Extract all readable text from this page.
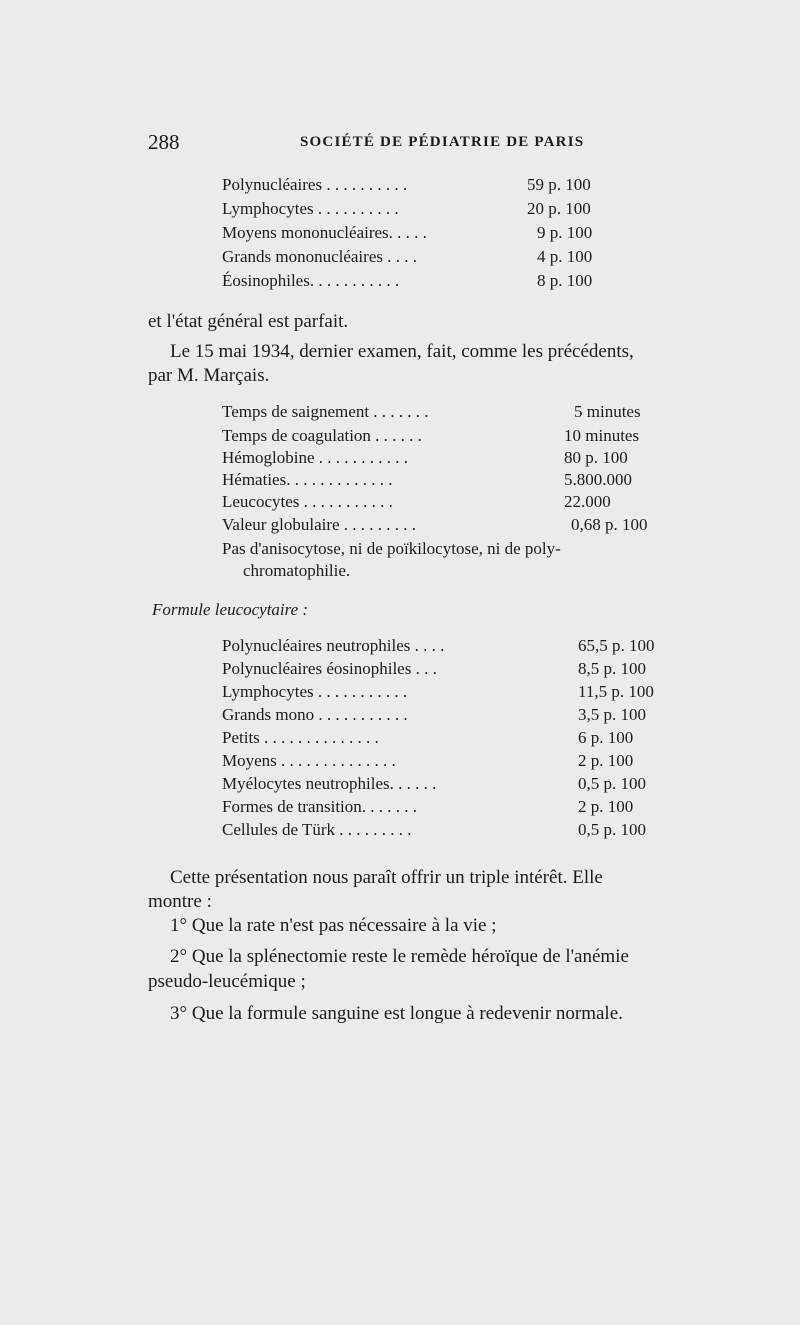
288	SOCIÉTÉ DE PÉDIATRIE DE PARIS
Polynucléaires . . . . . . . . . .	59 p. 100
Lymphocytes . . . . . . . . . .	20 p. 100
Moyens mononucléaires. . . . .	9 p. 100
Grands mononucléaires . . . .	4 p. 100
Éosinophiles. . . . . . . . . . .	8 p. 100
et l'état général est parfait.
Le 15 mai 1934, dernier examen, fait, comme les précédents,
par M. Marçais.
Temps de saignement . . . . . . .	5 minutes
Temps de coagulation . . . . . .	10 minutes
Hémoglobine . . . . . . . . . . .	80 p. 100
Hématies. . . . . . . . . . . . .	5.800.000
Leucocytes . . . . . . . . . . .	22.000
Valeur globulaire . . . . . . . . .	0,68 p. 100
Pas d'anisocytose, ni de poïkilocytose, ni de poly-
chromatophilie.
Formule leucocytaire :
Polynucléaires neutrophiles . . . .	65,5 p. 100
Polynucléaires éosinophiles . . .	8,5 p. 100
Lymphocytes . . . . . . . . . . .	11,5 p. 100
Grands mono . . . . . . . . . . .	3,5 p. 100
Petits . . . . . . . . . . . . . .	6 p. 100
Moyens . . . . . . . . . . . . . .	2 p. 100
Myélocytes neutrophiles. . . . . .	0,5 p. 100
Formes de transition. . . . . . .	2 p. 100
Cellules de Türk . . . . . . . . .	0,5 p. 100
Cette présentation nous paraît offrir un triple intérêt. Elle
montre :
1° Que la rate n'est pas nécessaire à la vie ;
2° Que la splénectomie reste le remède héroïque de l'anémie
pseudo-leucémique ;
3° Que la formule sanguine est longue à redevenir normale.
